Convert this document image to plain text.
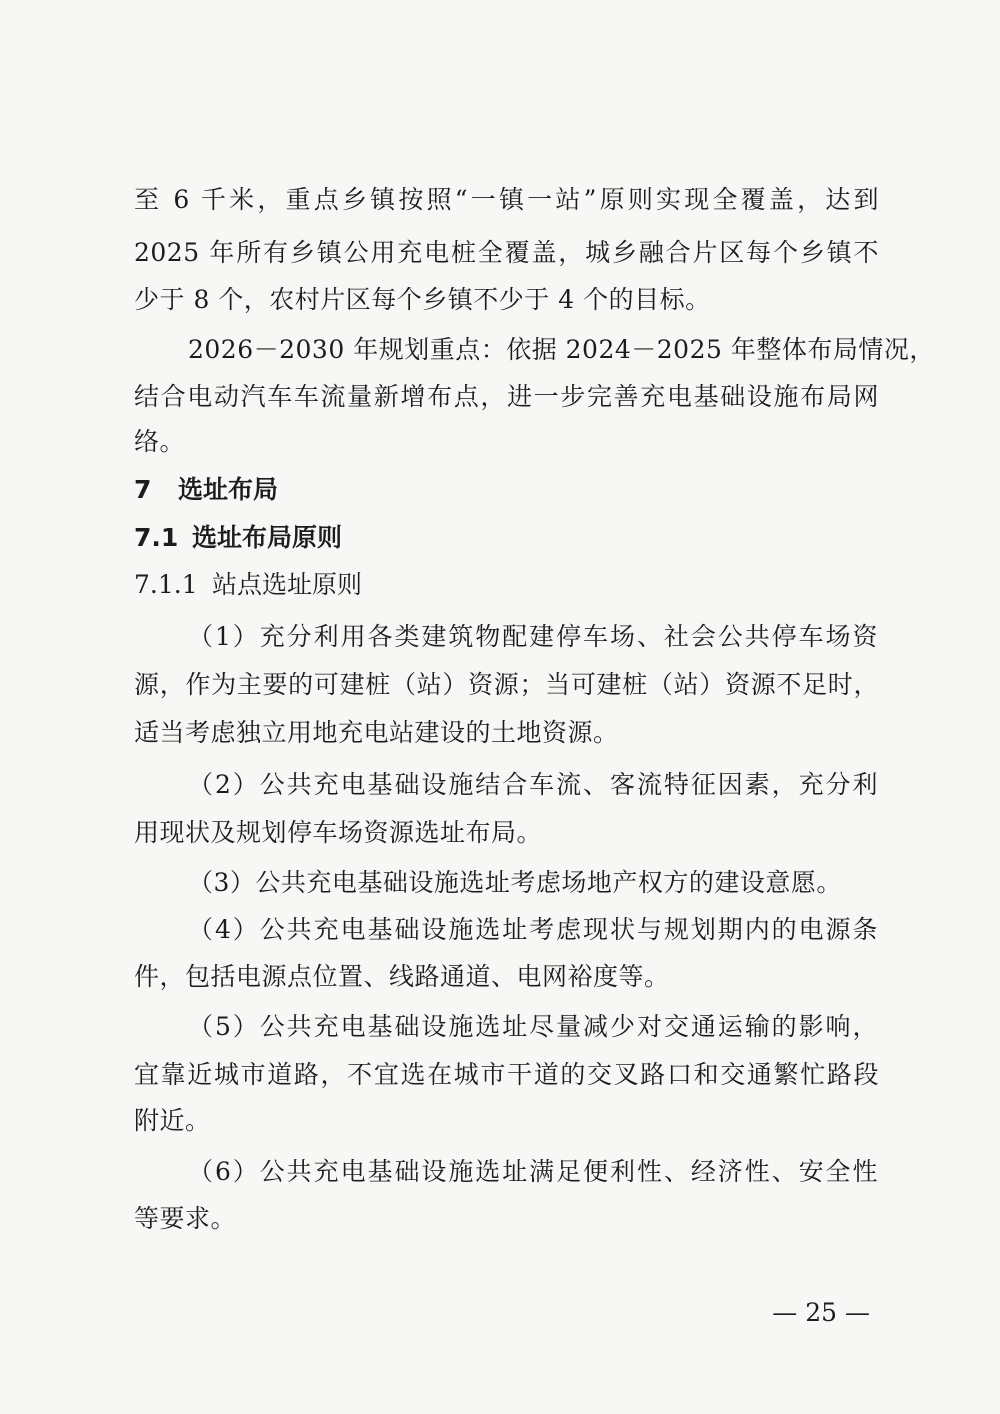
至 6 千米，重点乡镇按照“一镇一站”原则实现全覆盖，达到
2025 年所有乡镇公用充电桩全覆盖，城乡融合片区每个乡镇不
少于 8 个，农村片区每个乡镇不少于 4 个的目标。
2026－2030 年规划重点：依据 2024－2025 年整体布局情况，
结合电动汽车车流量新增布点，进一步完善充电基础设施布局网
络。
7 选址布局
7.1 选址布局原则
7.1.1 站点选址原则
（1）充分利用各类建筑物配建停车场、社会公共停车场资
源，作为主要的可建桩（站）资源；当可建桩（站）资源不足时，
适当考虑独立用地充电站建设的土地资源。
（2）公共充电基础设施结合车流、客流特征因素，充分利
用现状及规划停车场资源选址布局。
（3）公共充电基础设施选址考虑场地产权方的建设意愿。
（4）公共充电基础设施选址考虑现状与规划期内的电源条
件，包括电源点位置、线路通道、电网裕度等。
（5）公共充电基础设施选址尽量减少对交通运输的影响，
宜靠近城市道路，不宜选在城市干道的交叉路口和交通繁忙路段
附近。
（6）公共充电基础设施选址满足便利性、经济性、安全性
等要求。
— 25 —
